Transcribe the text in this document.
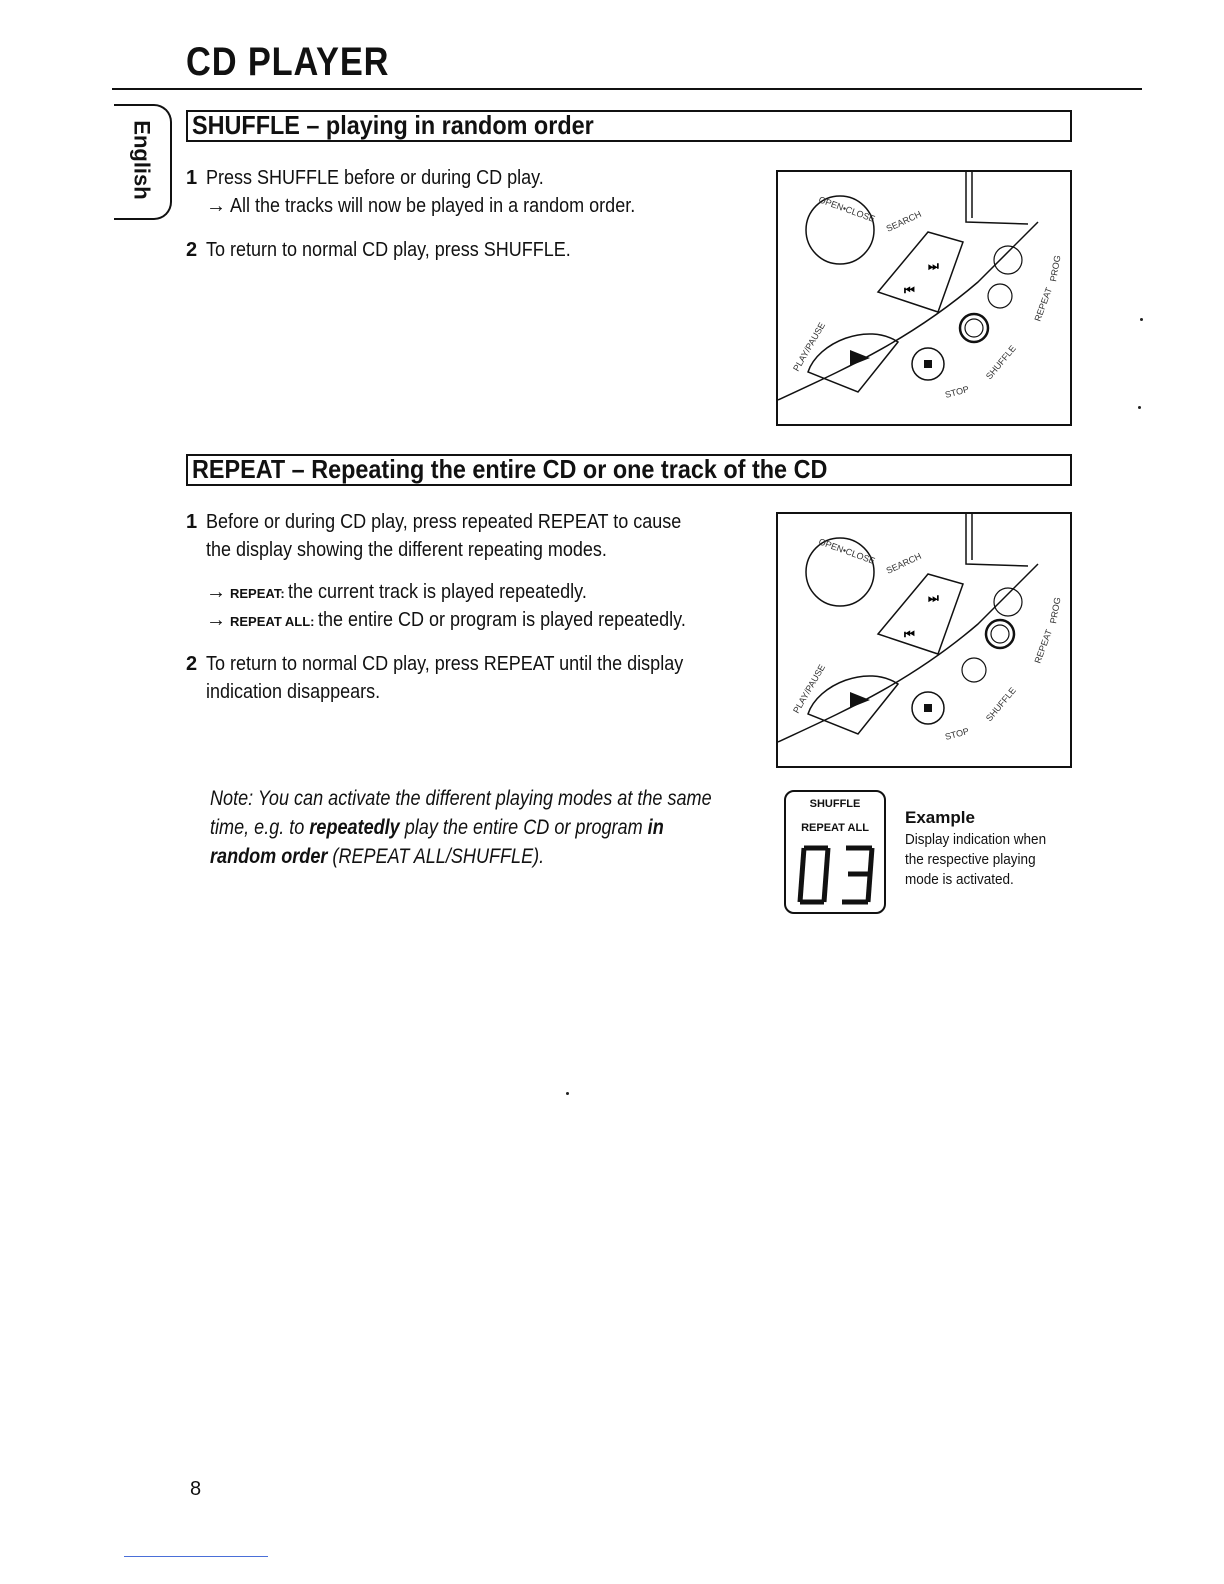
CD PLAYER
English SHUFFLE – playing in random order
1 Press SHUFFLE before or during CD play.
→ All the tracks will now be played in a random order.
2 To return to normal CD play, press SHUFFLE.
⏭
⏮
OPEN•CLOSE SEARCH
PLAY/PAUSE
STOP
SHUFFLE
REPEAT
PROG
REPEAT – Repeating the entire CD or one track of the CD
1 Before or during CD play, press repeated REPEAT to cause
the display showing the different repeating modes.
→ REPEAT: the current track is played repeatedly.
→ REPEAT ALL: the entire CD or program is played repeatedly.
2 To return to normal CD play, press REPEAT until the display
indication disappears.
⏭
⏮
OPEN•CLOSE SEARCH
PLAY/PAUSE
STOP
SHUFFLE
REPEAT
PROG
Note: You can activate the different playing modes at the same time, e.g. to repeatedly play the entire CD or program in random order (REPEAT ALL/SHUFFLE).
SHUFFLE
REPEAT ALL
Example
Display indication when the respective playing mode is activated.
8
